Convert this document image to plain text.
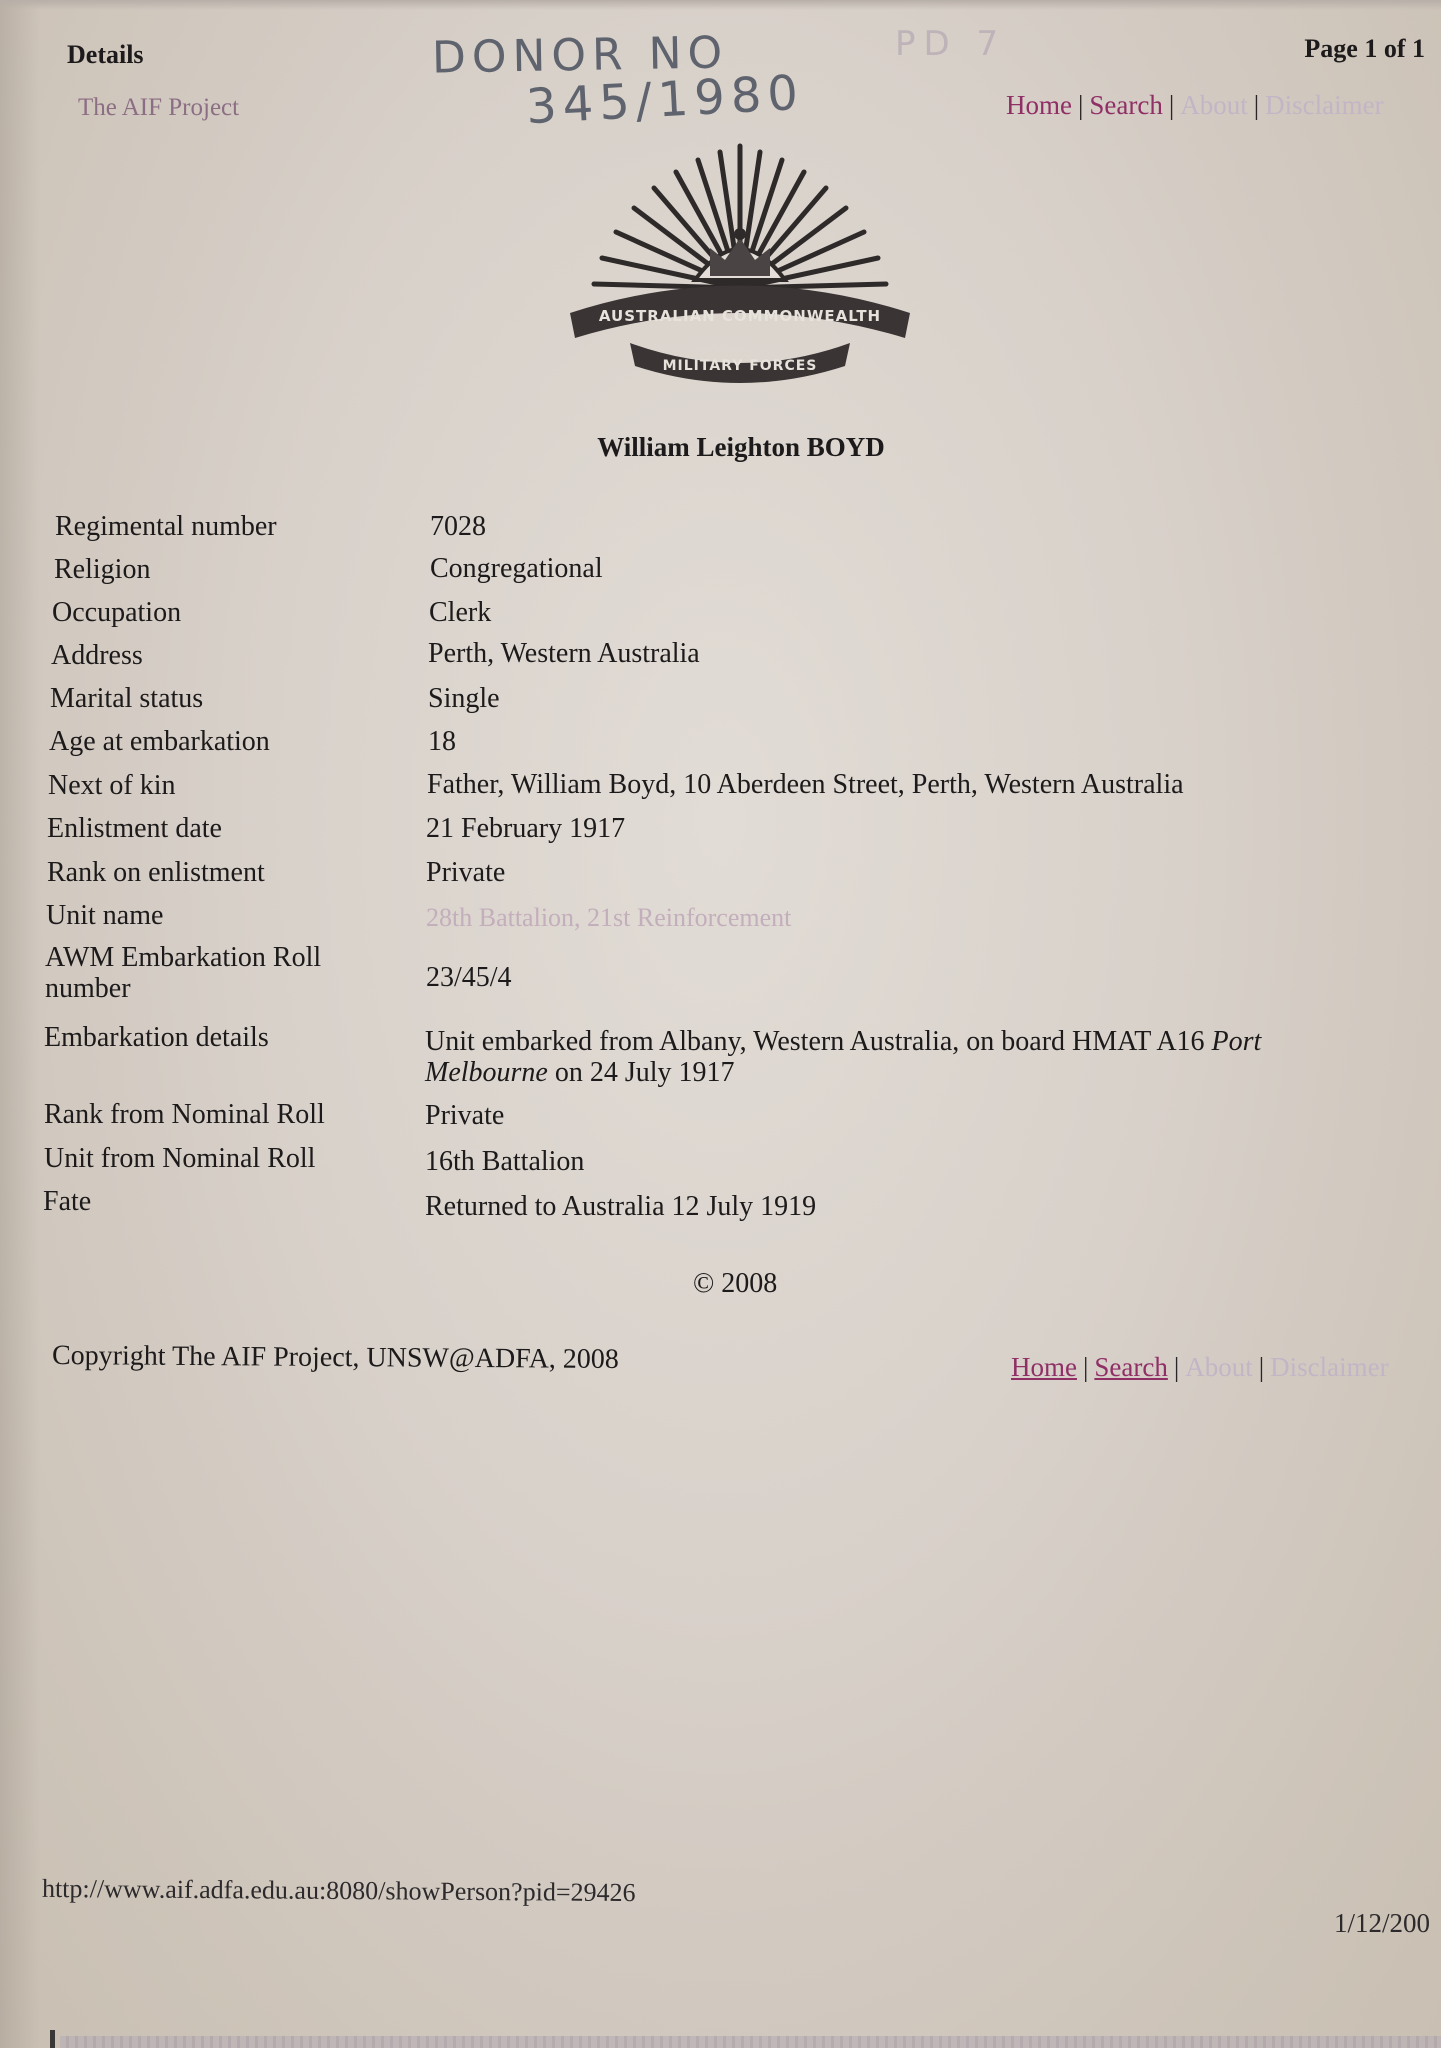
Details	Page 1 of 1
The AIF Project
DONOR NO
345/1980
PD 7
Home | Search | About | Disclaimer
AUSTRALIAN COMMONWEALTH
MILITARY FORCES
William Leighton BOYD
Regimental number	7028
Religion	Congregational
Occupation	Clerk
Address	Perth, Western Australia
Marital status	Single
Age at embarkation	18
Next of kin	Father, William Boyd, 10 Aberdeen Street, Perth, Western Australia
Enlistment date	21 February 1917
Rank on enlistment	Private
Unit name	28th Battalion, 21st Reinforcement
AWM Embarkation Roll
number	23/45/4
Embarkation details	Unit embarked from Albany, Western Australia, on board HMAT A16 Port
Melbourne on 24 July 1917
Rank from Nominal Roll	Private
Unit from Nominal Roll	16th Battalion
Fate	Returned to Australia 12 July 1919
© 2008
Copyright The AIF Project, UNSW@ADFA, 2008	Home | Search | About | Disclaimer
http://www.aif.adfa.edu.au:8080/showPerson?pid=29426
1/12/200
